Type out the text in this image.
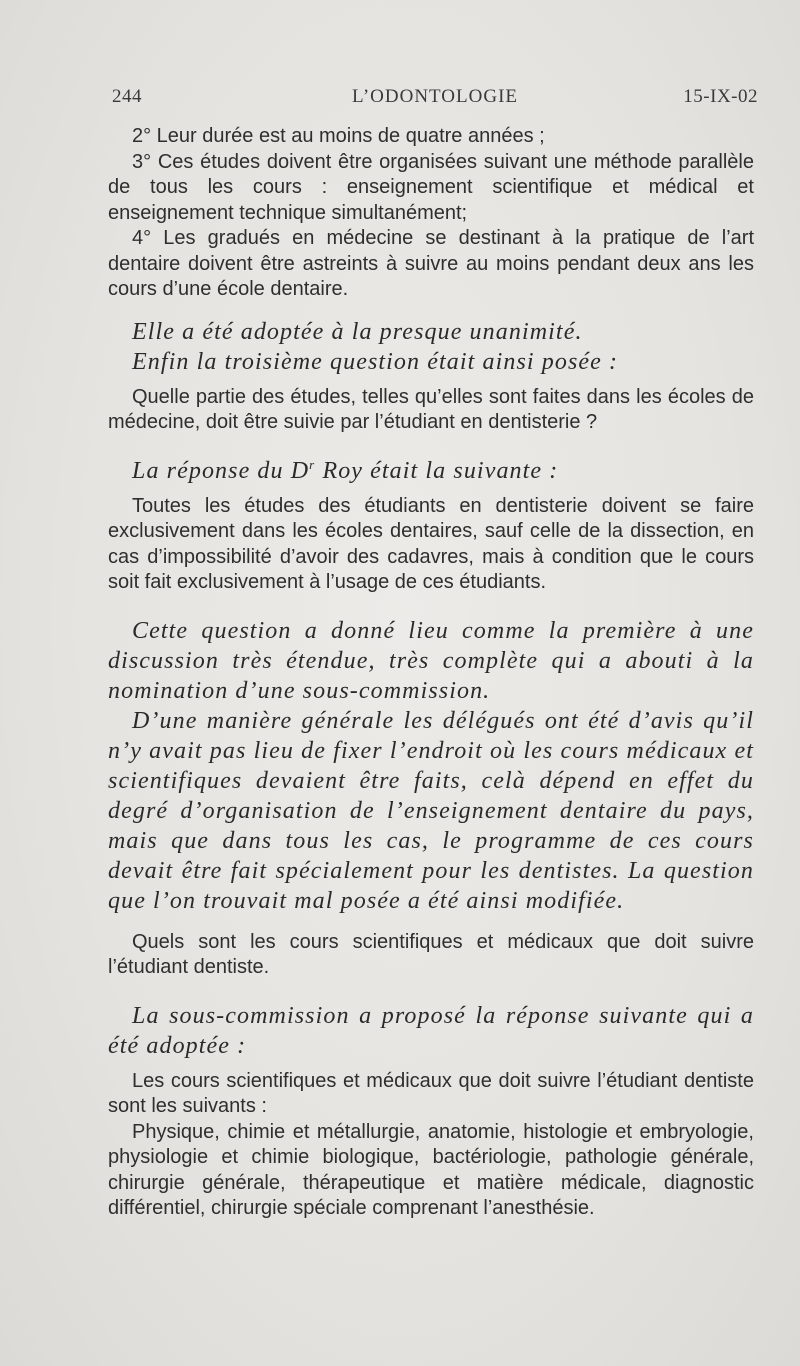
244	L’ODONTOLOGIE	15-IX-02

2° Leur durée est au moins de quatre années ;

3° Ces études doivent être organisées suivant une méthode parallèle de tous les cours : enseignement scientifique et médical et enseignement technique simultanément;

4° Les gradués en médecine se destinant à la pratique de l’art dentaire doivent être astreints à suivre au moins pendant deux ans les cours d’une école dentaire.

Elle a été adoptée à la presque unanimité.

Enfin la troisième question était ainsi posée :

Quelle partie des études, telles qu’elles sont faites dans les écoles de médecine, doit être suivie par l’étudiant en dentisterie ?

La réponse du $D^r$ Roy était la suivante :

Toutes les études des étudiants en dentisterie doivent se faire exclusivement dans les écoles dentaires, sauf celle de la dissection, en cas d’impossibilité d’avoir des cadavres, mais à condition que le cours soit fait exclusivement à l’usage de ces étudiants.

Cette question a donné lieu comme la première à une discussion très étendue, très complète qui a abouti à la nomination d’une sous-commission.

D’une manière générale les délégués ont été d’avis qu’il n’y avait pas lieu de fixer l’endroit où les cours médicaux et scientifiques devaient être faits, celà dépend en effet du degré d’organisation de l’enseignement dentaire du pays, mais que dans tous les cas, le programme de ces cours devait être fait spécialement pour les dentistes. La question que l’on trouvait mal posée a été ainsi modifiée.

Quels sont les cours scientifiques et médicaux que doit suivre l’étudiant dentiste.

La sous-commission a proposé la réponse suivante qui a été adoptée :

Les cours scientifiques et médicaux que doit suivre l’étudiant dentiste sont les suivants :

Physique, chimie et métallurgie, anatomie, histologie et embryologie, physiologie et chimie biologique, bactériologie, pathologie générale, chirurgie générale, thérapeutique et matière médicale, diagnostic différentiel, chirurgie spéciale comprenant l’anesthésie.
